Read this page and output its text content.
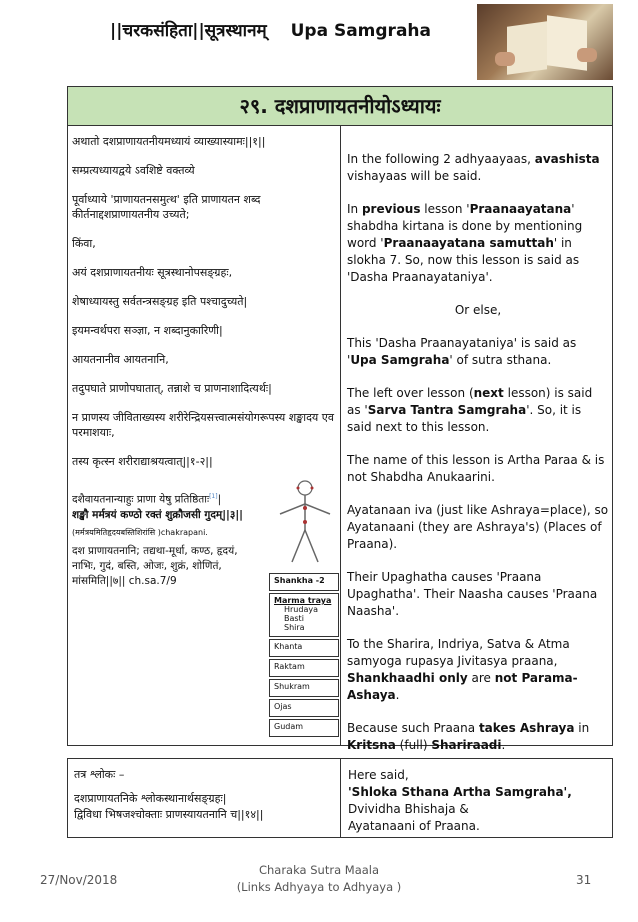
||चरकसंहिता||सूत्रस्थानम् Upa Samgraha
२९. दशप्राणायतनीयोऽध्यायः

अथातो दशप्राणायतनीयमध्यायं व्याख्यास्यामः||१||

सम्प्रत्यध्यायद्वये ऽवशिष्टे वक्तव्ये

पूर्वाध्याये 'प्राणायतनसमुत्थ' इति प्राणायतन शब्द कीर्तनाद्दशप्राणायतनीय उच्यते;

किंवा,

अयं दशप्राणायतनीयः सूत्रस्थानोपसङ्ग्रहः,

शेषाध्यायस्तु सर्वतन्त्रसङ्ग्रह इति पश्चादुच्यते|

इयमन्वर्थपरा सञ्ज्ञा, न शब्दानुकारिणी|

आयतनानीव आयतनानि,

तदुपघाते प्राणोपघातात्, तन्नाशे च प्राणनाशादित्यर्थः|

न प्राणस्य जीविताख्यस्य शरीरेन्द्रियसत्त्वात्मसंयोगरूपस्य शङ्खादय एव परमाशयाः,

तस्य कृत्स्न शरीराद्याश्रयत्वात्||१-२||

दशैवायतनान्याहुः प्राणा येषु प्रतिष्ठिताः[1]|

शङ्खौ मर्मत्रयं कण्ठो रक्तं शुक्रौजसी गुदम्||३||

(मर्मत्रयमितिहृदयबस्तिशिरांसि )chakrapani.

दश प्राणायतनानि; तद्यथा-मूर्धा, कण्ठ, हृदयं, नाभिः, गुदं, बस्ति, ओजः, शुक्रं, शोणितं, मांसमिति||७|| ch.sa.7/9	Shankha -2
Marma traya
Hrudaya
Basti
Shira
Khanta
Raktam
Shukram
Ojas
Gudam

In the following 2 adhyaayaas, avashista vishayaas will be said.

In previous lesson 'Praanaayatana' shabdha kirtana is done by mentioning word 'Praanaayatana samuttah' in slokha 7. So, now this lesson is said as 'Dasha Praanayataniya'.

Or else,

This 'Dasha Praanayataniya' is said as 'Upa Samgraha' of sutra sthana.

The left over lesson (next lesson) is said as 'Sarva Tantra Samgraha'. So, it is said next to this lesson.

The name of this lesson is Artha Paraa & is not Shabdha Anukaarini.

Ayatanaan iva (just like Ashraya=place), so Ayatanaani (they are Ashraya's) (Places of Praana).

Their Upaghatha causes 'Praana Upaghatha'. Their Naasha causes 'Praana Naasha'.

To the Sharira, Indriya, Satva & Atma samyoga rupasya Jivitasya praana, Shankhaadhi only are not Parama-Ashaya.

Because such Praana takes Ashraya in Kritsna (full) Shariraadi.

तत्र श्लोकः –
दशप्राणायतनिके श्लोकस्थानार्थसङ्ग्रहः|
द्विविधा भिषजश्चोक्ताः प्राणस्यायतनानि च||१४||
Here said,
'Shloka Sthana Artha Samgraha',
Dvividha Bhishaja &
Ayatanaani of Praana.
27/Nov/2018
Charaka Sutra Maala
(Links Adhyaya to Adhyaya )	31
